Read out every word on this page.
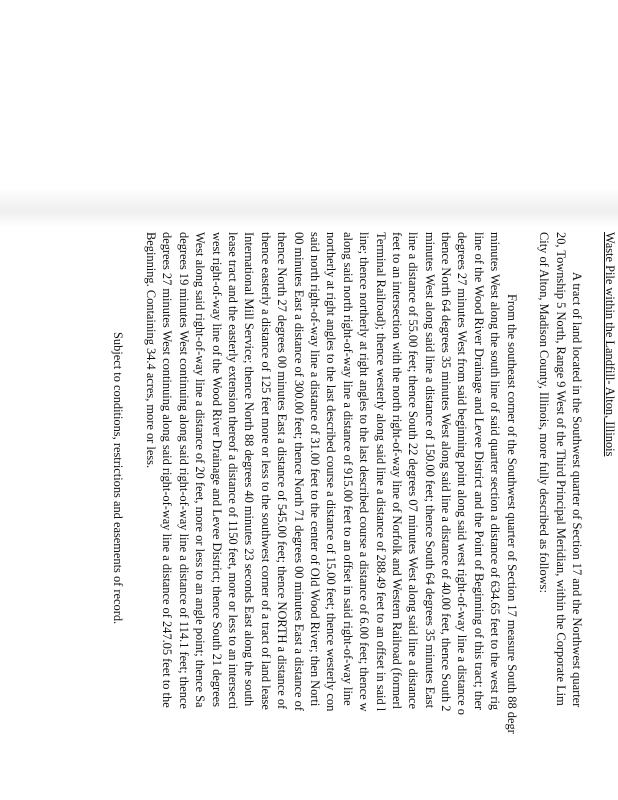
Waste Pile within the Landfill- Alton, Illinois
A tract of land located in the Southwest quarter of Section 17 and the Northwest quarter
20, Township 5 North, Range 9 West of the Third Principal Meridian, within the Corporate Lim
City of Alton, Madison County, Illinois, more fully described as follows:
From the southeast corner of the Southwest quarter of Section 17 measure South 88 degr
minutes West along the south line of said quarter section a distance of 634.65 feet to the west rig
line of the Wood River Drainage and Levee District and the Point of Beginning of this tract; ther
degrees 27 minutes West from said beginning point along said west right-of-way line a distance o
thence North 64 degrees 35 minutes West along said line a distance of 40.00 feet, thence South 2
minutes West along said line a distance of 150.00 feet; thence South 64 degrees 35 minutes East
line a distance of 55.00 feet; thence South 22 degrees 07 minutes West along said line a distance
feet to an intersection with the north right-of-way line of Norfolk and Western Railroad (formerl
Terminal Railroad); thence westerly along said line a distance of 288.49 feet to an offset in said l
line; thence northerly at right angles to the last described course a distance of 6.00 feet; thence w
along said north right-of-way line a distance of 915.00 feet to an offset in said right-of-way line
northerly at right angles to the last described course a distance of 15.00 feet; thence westerly con
said north right-of-way line a distance of 31.00 feet to the center of Old Wood River; then Norti
00 minutes East a distance of 300.00 feet; thence North 71 degrees 00 minutes East a distance of
thence North 27 degrees 00 minutes East a distance of 545.00 feet; thence NORTH a distance of
thence easterly a distance of 125 feet more or less to the southwest corner of a tract of land lease
International Mill Service; thence North 88 degrees 40 minutes 23 seconds East along the south
lease tract and the easterly extension thereof a distance of 1150 feet, more or less to an intersecti
west right-of-way line of the Wood River Drainage and Levee District; thence South 21 degrees
West along said right-of-way line a distance of 20 feet, more or less to an angle point; thence Sa
degrees 19 minutes West continuing along said right-of-way line a distance of 114.1 feet; thence
degrees 27 minutes West continuing along said right-of-way line a distance of 247.05 feet to the
Beginning. Containing 34.4 acres, more or less.
Subject to conditions, restrictions and easements of record.
